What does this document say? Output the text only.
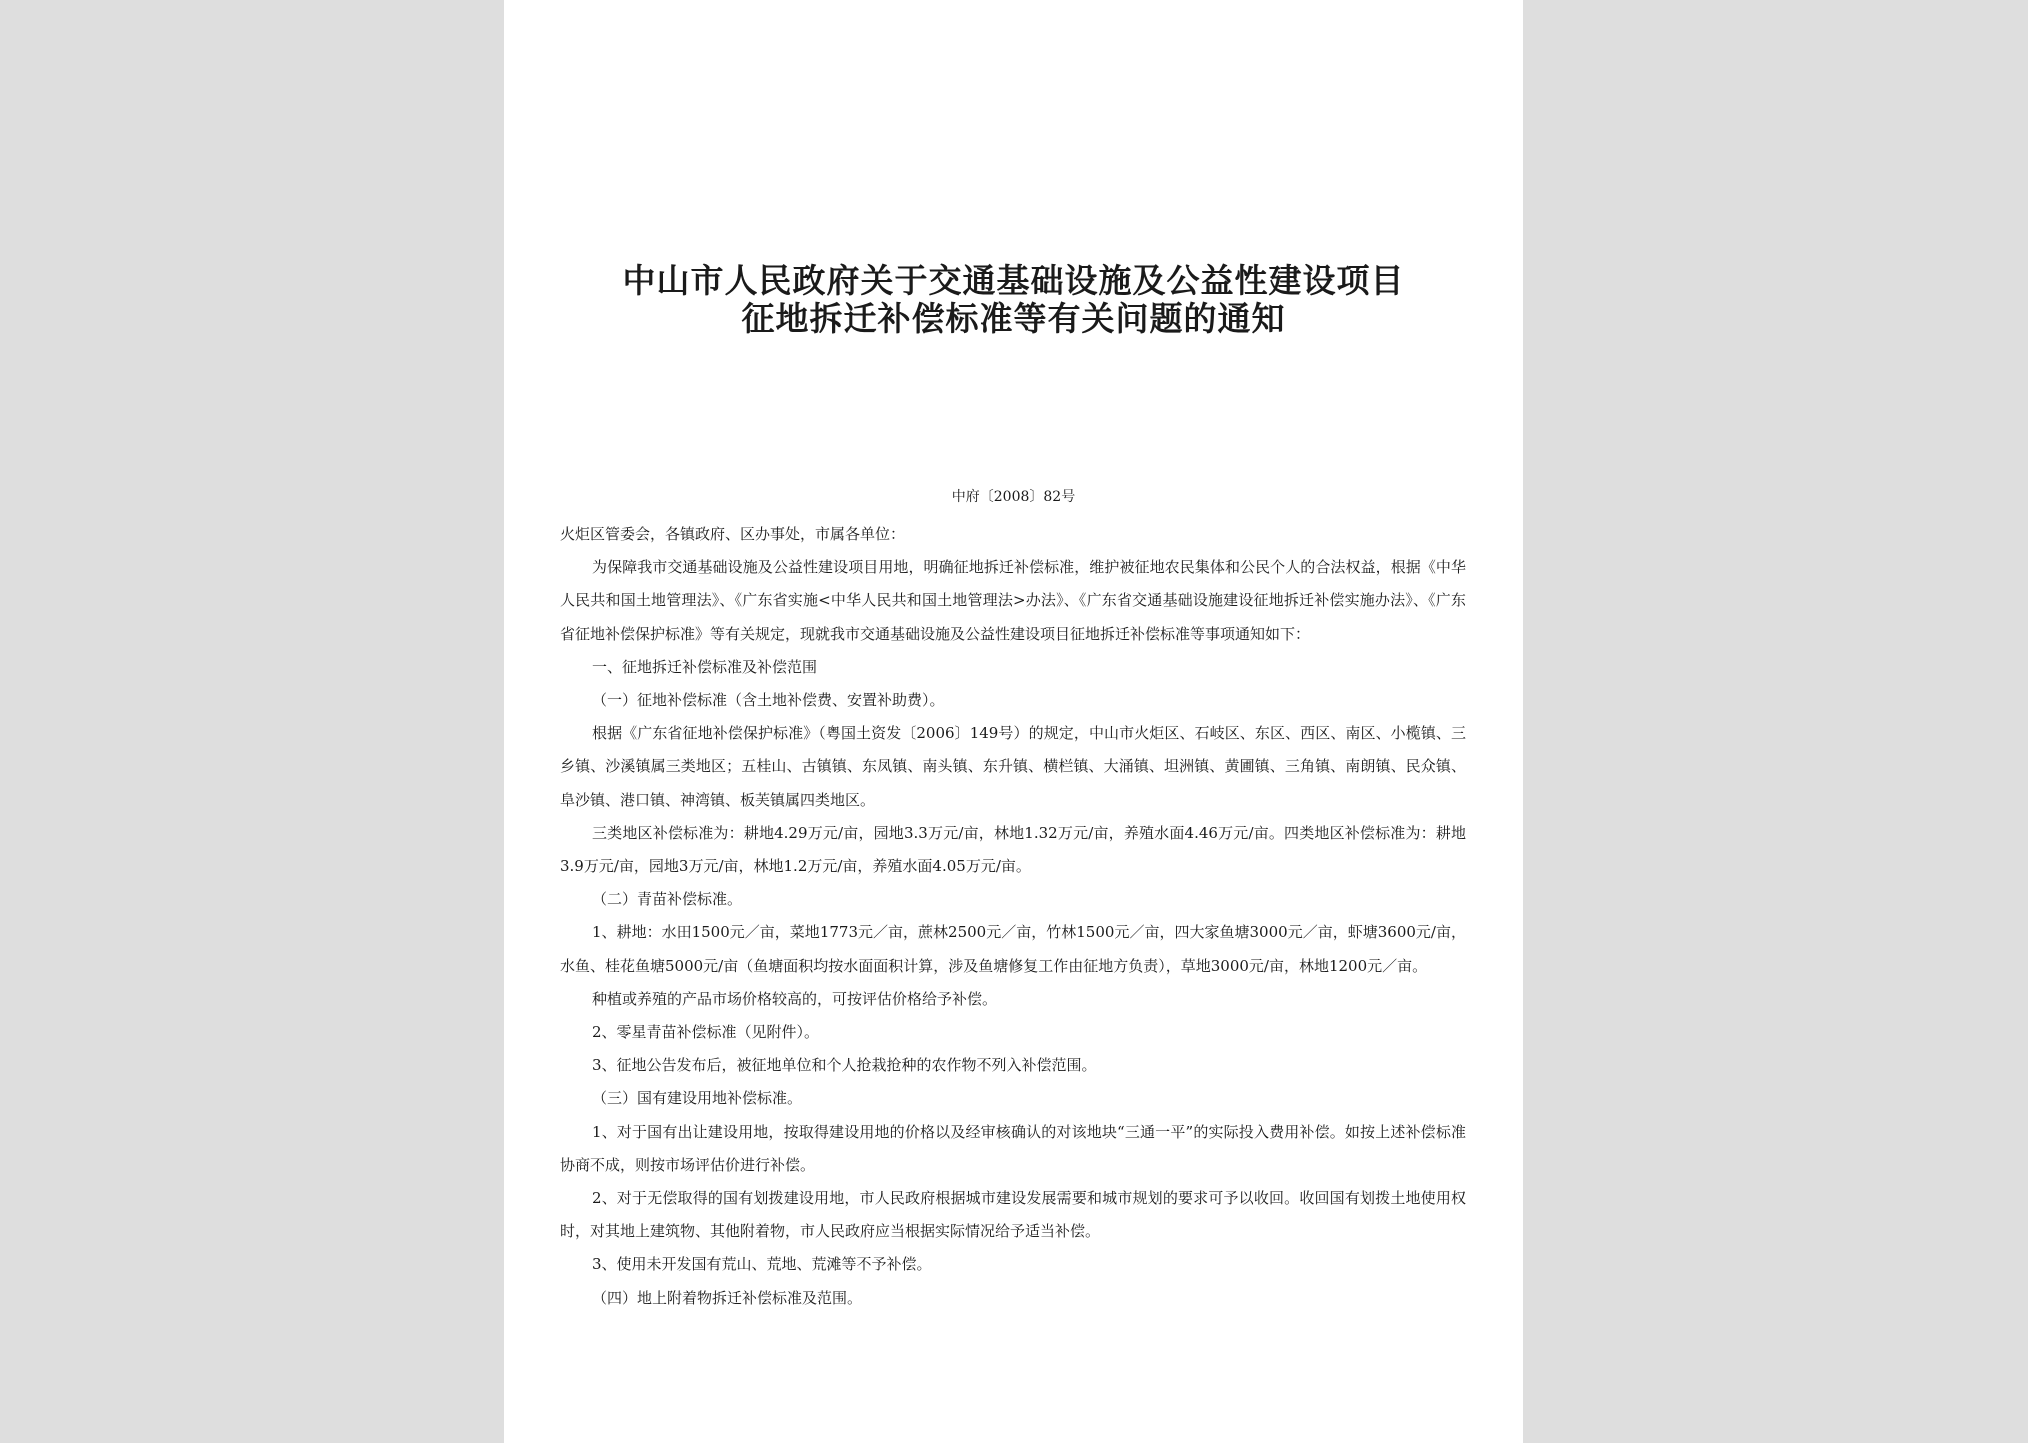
中山市人民政府关于交通基础设施及公益性建设项目
征地拆迁补偿标准等有关问题的通知
中府〔2008〕82号

火炬区管委会，各镇政府、区办事处，市属各单位：

为保障我市交通基础设施及公益性建设项目用地，明确征地拆迁补偿标准，维护被征地农民集体和公民个人的合法权益，根据《中华人民共和国土地管理法》、《广东省实施<中华人民共和国土地管理法>办法》、《广东省交通基础设施建设征地拆迁补偿实施办法》、《广东省征地补偿保护标准》等有关规定，现就我市交通基础设施及公益性建设项目征地拆迁补偿标准等事项通知如下：

一、征地拆迁补偿标准及补偿范围

（一）征地补偿标准（含土地补偿费、安置补助费）。

根据《广东省征地补偿保护标准》（粤国土资发〔2006〕149号）的规定，中山市火炬区、石岐区、东区、西区、南区、小榄镇、三乡镇、沙溪镇属三类地区；五桂山、古镇镇、东凤镇、南头镇、东升镇、横栏镇、大涌镇、坦洲镇、黄圃镇、三角镇、南朗镇、民众镇、阜沙镇、港口镇、神湾镇、板芙镇属四类地区。

三类地区补偿标准为：耕地4.29万元/亩，园地3.3万元/亩，林地1.32万元/亩，养殖水面4.46万元/亩。四类地区补偿标准为：耕地3.9万元/亩，园地3万元/亩，林地1.2万元/亩，养殖水面4.05万元/亩。

（二）青苗补偿标准。

1、耕地：水田1500元／亩，菜地1773元／亩，蔗林2500元／亩，竹林1500元／亩，四大家鱼塘3000元／亩，虾塘3600元/亩，水鱼、桂花鱼塘5000元/亩（鱼塘面积均按水面面积计算，涉及鱼塘修复工作由征地方负责），草地3000元/亩，林地1200元／亩。

种植或养殖的产品市场价格较高的，可按评估价格给予补偿。

2、零星青苗补偿标准（见附件）。

3、征地公告发布后，被征地单位和个人抢栽抢种的农作物不列入补偿范围。

（三）国有建设用地补偿标准。

1、对于国有出让建设用地，按取得建设用地的价格以及经审核确认的对该地块“三通一平”的实际投入费用补偿。如按上述补偿标准协商不成，则按市场评估价进行补偿。

2、对于无偿取得的国有划拨建设用地，市人民政府根据城市建设发展需要和城市规划的要求可予以收回。收回国有划拨土地使用权时，对其地上建筑物、其他附着物，市人民政府应当根据实际情况给予适当补偿。

3、使用未开发国有荒山、荒地、荒滩等不予补偿。

（四）地上附着物拆迁补偿标准及范围。
